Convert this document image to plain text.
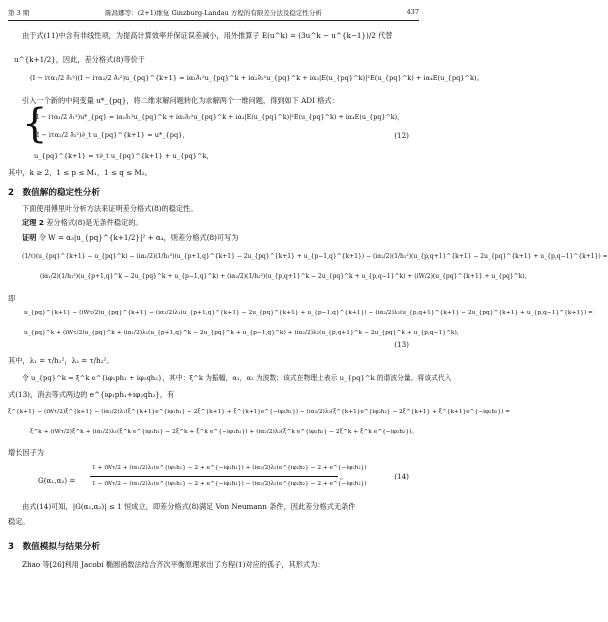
第 3 期	陈昌娜等：(2+1)维复 Ginzburg-Landau 方程的有限差分法及稳定性分析	437
由于式(11)中含有非线性项，为提高计算效率并保证误差减小，用外推算子 E(u^k) = (3u^k − u^{k−1})/2 代替
u^{k+1/2}，因此，差分格式(8)等价于
(I − iτα₁/2 ∂̂₁²)(I − iτα₂/2 ∂̂₂²)u_{pq}^{k+1} = iα₁∂̂₁²u_{pq}^k + iα₂∂̂₂²u_{pq}^k + iα₃|E(u_{pq}^k)|²E(u_{pq}^k) + iα₄E(u_{pq}^k)。
引入一个新的中间变量 u*_{pq}，将二维求解问题转化为求解两个一维问题，得到如下 ADI 格式：
{
(I − iτα₁/2 ∂̂₁²)u*_{pq} = iα₁∂̂₁²u_{pq}^k + iα₂∂̂₂²u_{pq}^k + iα₃|E(u_{pq}^k)|²E(u_{pq}^k) + iα₄E(u_{pq}^k)，
(I − iτα₂/2 ∂̂₂²)∂_t u_{pq}^{k+1} = u*_{pq}，
u_{pq}^{k+1} = τ∂_t u_{pq}^{k+1} + u_{pq}^k，
(12)
其中，k ≥ 2，1 ≤ p ≤ M₁，1 ≤ q ≤ M₂。
2　数值解的稳定性分析
下面使用傅里叶分析方法来证明差分格式(8)的稳定性。
定理 2 差分格式(8)是无条件稳定的。
证明 令 W = α₃|u_{pq}^{k+1/2}|² + α₄，则差分格式(8)可写为
(1/τ)(u_{pq}^{k+1} − u_{pq}^k) − (iα₁/2)(1/h₁²)(u_{p+1,q}^{k+1} − 2u_{pq}^{k+1} + u_{p−1,q}^{k+1}) − (iα₂/2)(1/h₂²)(u_{p,q+1}^{k+1} − 2u_{pq}^{k+1} + u_{p,q−1}^{k+1}) =
(iα₁/2)(1/h₁²)(u_{p+1,q}^k − 2u_{pq}^k + u_{p−1,q}^k) + (iα₂/2)(1/h₂²)(u_{p,q+1}^k − 2u_{pq}^k + u_{p,q−1}^k) + (iW/2)(u_{pq}^{k+1} + u_{pq}^k)，
即
u_{pq}^{k+1} − (iWτ/2)u_{pq}^{k+1} − (iα₁/2)λ₁(u_{p+1,q}^{k+1} − 2u_{pq}^{k+1} + u_{p−1,q}^{k+1}) − (iα₂/2)λ₂(u_{p,q+1}^{k+1} − 2u_{pq}^{k+1} + u_{p,q−1}^{k+1}) =
u_{pq}^k + (iWτ/2)u_{pq}^k + (iα₁/2)λ₁(u_{p+1,q}^k − 2u_{pq}^k + u_{p−1,q}^k) + (iα₂/2)λ₂(u_{p,q+1}^k − 2u_{pq}^k + u_{p,q−1}^k)，
(13)
其中，λ₁ = τ/h₁²，λ₂ = τ/h₂²。
令 u_{pq}^k = ξ^k e^{iφ₁ph₁ + iφ₂qh₂}，其中：ξ^k 为振幅，α₁，α₂ 为波数；该式在物理上表示 u_{pq}^k 的谐波分量。将该式代入
式(13)，消去等式两边的 e^{iφ₁ph₁+iφ₂qh₂}，有
ξ^{k+1} − (iWτ/2)ξ^{k+1} − (iα₁/2)λ₁(ξ^{k+1}e^{iφ₁h₁} − 2ξ^{k+1} + ξ^{k+1}e^{−iφ₁h₁}) − (iα₂/2)λ₂(ξ^{k+1}e^{iφ₂h₂} − 2ξ^{k+1} + ξ^{k+1}e^{−iφ₂h₂}) =
ξ^k + (iWτ/2)ξ^k + (iα₁/2)λ₁(ξ^k e^{iφ₁h₁} − 2ξ^k + ξ^k e^{−iφ₁h₁}) + (iα₂/2)λ₂(ξ^k e^{iφ₂h₂} − 2ξ^k + ξ^k e^{−iφ₂h₂})。
增长因子为
G(α₁,α₂) =
1 + iWτ/2 + (iα₁/2)λ₁(e^{iφ₁h₁} − 2 + e^{−iφ₁h₁}) + (iα₂/2)λ₂(e^{iφ₂h₂} − 2 + e^{−iφ₂h₂})
1 − iWτ/2 − (iα₁/2)λ₁(e^{iφ₁h₁} − 2 + e^{−iφ₁h₁}) − (iα₂/2)λ₂(e^{iφ₂h₂} − 2 + e^{−iφ₂h₂})
。	(14)
由式(14)可知，|G(α₁,α₂)| ≤ 1 恒成立，即差分格式(8)满足 Von Neumann 条件，因此差分格式无条件
稳定。
3　数值模拟与结果分析
Zhao 等[26]利用 Jacobi 椭圆函数法结合齐次平衡原理求出了方程(1)对应的孤子，其形式为：
